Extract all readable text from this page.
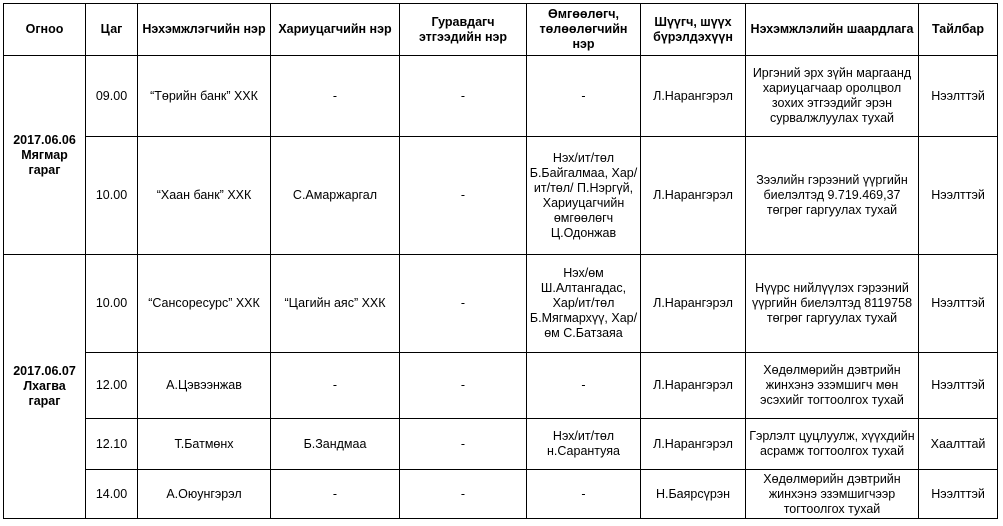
Огноо	Цаг	Нэхэмжлэгчийн нэр	Хариуцагчийн нэр	Гуравдагч этгээдийн нэр	Өмгөөлөгч, төлөөлөгчийн нэр	Шүүгч, шүүх бүрэлдэхүүн	Нэхэмжлэлийн шаардлага	Тайлбар
2017.06.06 Мягмар гараг	09.00	“Төрийн банк” ХХК	-	-	-	Л.Нарангэрэл	Иргэний эрх зүйн маргаанд хариуцагчаар оролцвол зохих этгээдийг эрэн сурвалжлуулах тухай	Нээлттэй
	10.00	“Хаан банк” ХХК	С.Амаржаргал	-	Нэх/ит/төл Б.Байгалмаа, Хар/ит/төл/ П.Нэргүй, Хариуцагчийн өмгөөлөгч Ц.Одонжав	Л.Нарангэрэл	Зээлийн гэрээний үүргийн биелэлтэд 9.719.469,37 төгрөг гаргуулах тухай	Нээлттэй
2017.06.07 Лхагва гараг	10.00	“Сансоресурс” ХХК	“Цагийн аяс” ХХК	-	Нэх/өм Ш.Алтангадас, Хар/ит/төл Б.Мягмархүү, Хар/өм С.Батзаяа	Л.Нарангэрэл	Нүүрс нийлүүлэх гэрээний үүргийн биелэлтэд 8119758 төгрөг гаргуулах тухай	Нээлттэй
	12.00	А.Цэвээнжав	-	-	-	Л.Нарангэрэл	Хөдөлмөрийн дэвтрийн жинхэнэ эзэмшигч мөн эсэхийг тогтоолгох тухай	Нээлттэй
	12.10	Т.Батмөнх	Б.Зандмаа	-	Нэх/ит/төл н.Сарантуяа	Л.Нарангэрэл	Гэрлэлт цуцлуулж, хүүхдийн асрамж тогтоолгох тухай	Хаалттай
	14.00	А.Оюунгэрэл	-	-	-	Н.Баярсүрэн	Хөдөлмөрийн дэвтрийн жинхэнэ эзэмшигчээр тогтоолгох тухай	Нээлттэй
